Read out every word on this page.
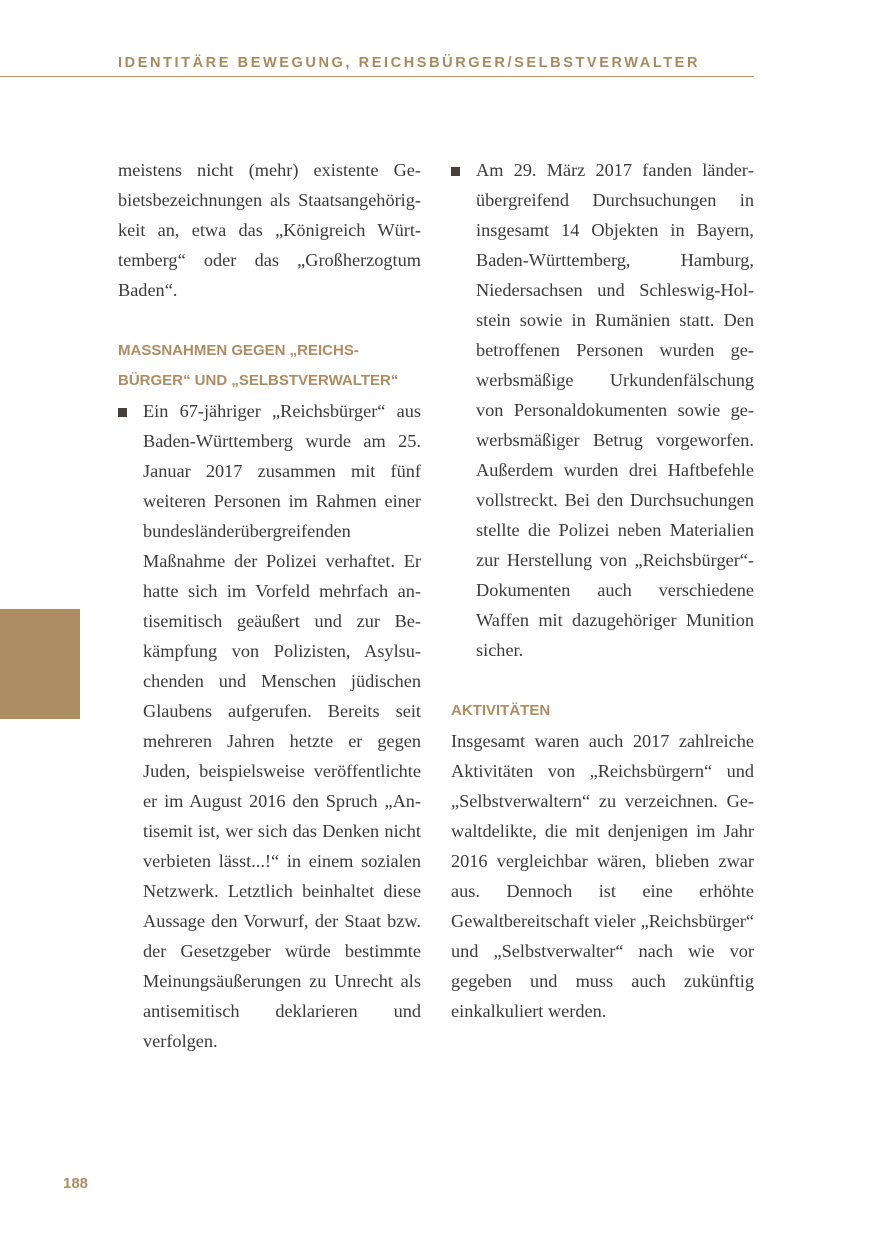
IDENTITÄRE BEWEGUNG, REICHSBÜRGER/SELBSTVERWALTER

meistens nicht (mehr) existente Gebietsbezeichnungen als Staatsangehörigkeit an, etwa das „Königreich Württemberg“ oder das „Großherzogtum Baden“.

MASSNAHMEN GEGEN „REICHSBÜRGER“ UND „SELBSTVERWALTER“

Ein 67-jähriger „Reichsbürger“ aus Baden-Württemberg wurde am 25. Januar 2017 zusammen mit fünf weiteren Personen im Rahmen einer bundesländerübergreifenden Maßnahme der Polizei verhaftet. Er hatte sich im Vorfeld mehrfach antisemitisch geäußert und zur Bekämpfung von Polizisten, Asylsuchenden und Menschen jüdischen Glaubens aufgerufen. Bereits seit mehreren Jahren hetzte er gegen Juden, beispielsweise veröffentlichte er im August 2016 den Spruch „Antisemit ist, wer sich das Denken nicht verbieten lässt...!“ in einem sozialen Netzwerk. Letztlich beinhaltet diese Aussage den Vorwurf, der Staat bzw. der Gesetzgeber würde bestimmte Meinungsäußerungen zu Unrecht als antisemitisch deklarieren und verfolgen.

Am 29. März 2017 fanden länderübergreifend Durchsuchungen in insgesamt 14 Objekten in Bayern, Baden-Württemberg, Hamburg, Niedersachsen und Schleswig-Holstein sowie in Rumänien statt. Den betroffenen Personen wurden gewerbsmäßige Urkundenfälschung von Personaldokumenten sowie gewerbsmäßiger Betrug vorgeworfen. Außerdem wurden drei Haftbefehle vollstreckt. Bei den Durchsuchungen stellte die Polizei neben Materialien zur Herstellung von „Reichsbürger“-Dokumenten auch verschiedene Waffen mit dazugehöriger Munition sicher.

AKTIVITÄTEN

Insgesamt waren auch 2017 zahlreiche Aktivitäten von „Reichsbürgern“ und „Selbstverwaltern“ zu verzeichnen. Gewaltdelikte, die mit denjenigen im Jahr 2016 vergleichbar wären, blieben zwar aus. Dennoch ist eine erhöhte Gewaltbereitschaft vieler „Reichsbürger“ und „Selbstverwalter“ nach wie vor gegeben und muss auch zukünftig einkalkuliert werden.

188
